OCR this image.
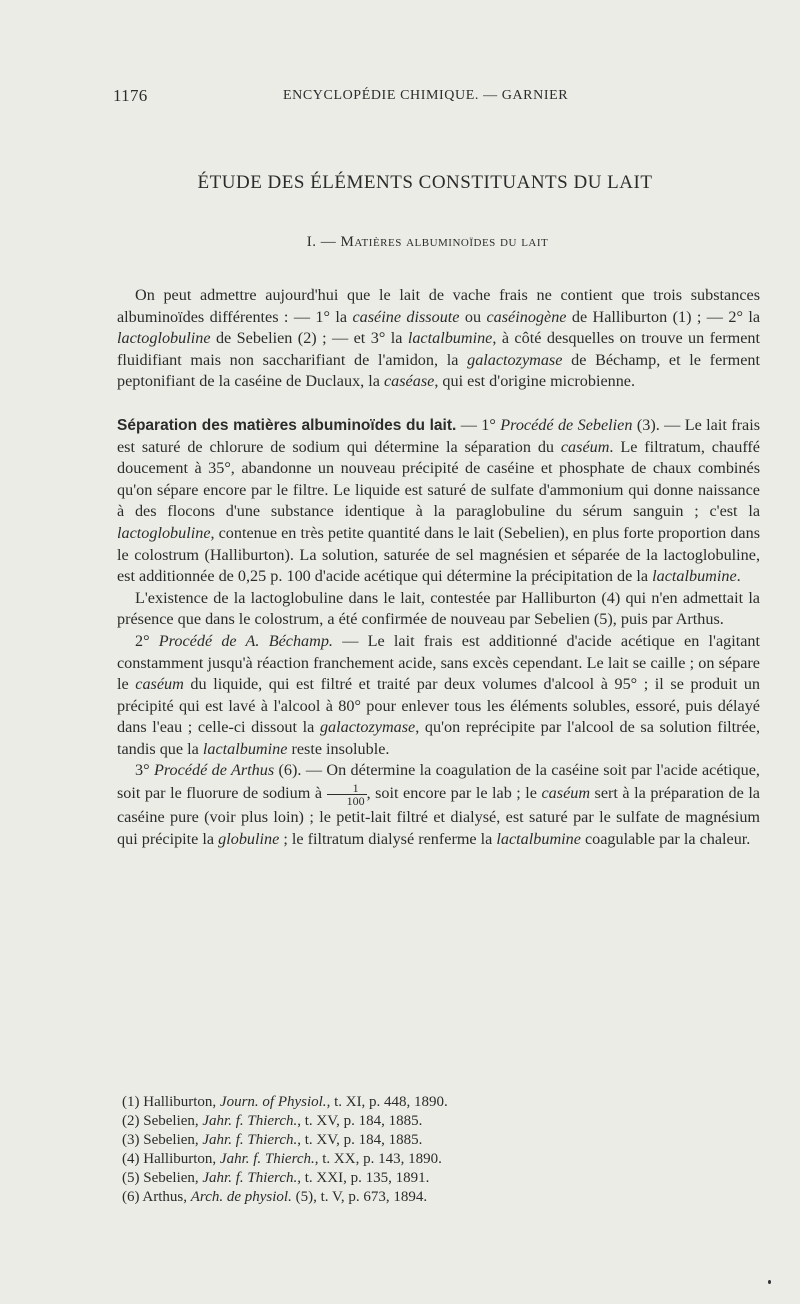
1176	ENCYCLOPÉDIE CHIMIQUE. — GARNIER
ÉTUDE DES ÉLÉMENTS CONSTITUANTS DU LAIT
I. — Matières albuminoïdes du lait

On peut admettre aujourd'hui que le lait de vache frais ne contient que trois substances albuminoïdes différentes : — 1° la caséine dissoute ou caséinogène de Halliburton (1) ; — 2° la lactoglobuline de Sebelien (2) ; — et 3° la lactalbumine, à côté desquelles on trouve un ferment fluidifiant mais non saccharifiant de l'amidon, la galactozymase de Béchamp, et le ferment peptonifiant de la caséine de Duclaux, la caséase, qui est d'origine microbienne.

Séparation des matières albuminoïdes du lait. — 1° Procédé de Sebelien (3). — Le lait frais est saturé de chlorure de sodium qui détermine la séparation du caséum. Le filtratum, chauffé doucement à 35°, abandonne un nouveau précipité de caséine et phosphate de chaux combinés qu'on sépare encore par le filtre. Le liquide est saturé de sulfate d'ammonium qui donne naissance à des flocons d'une substance identique à la paraglobuline du sérum sanguin ; c'est la lactoglobuline, contenue en très petite quantité dans le lait (Sebelien), en plus forte proportion dans le colostrum (Halliburton). La solution, saturée de sel magnésien et séparée de la lactoglobuline, est additionnée de 0,25 p. 100 d'acide acétique qui détermine la précipitation de la lactalbumine.

L'existence de la lactoglobuline dans le lait, contestée par Halliburton (4) qui n'en admettait la présence que dans le colostrum, a été confirmée de nouveau par Sebelien (5), puis par Arthus.

2° Procédé de A. Béchamp. — Le lait frais est additionné d'acide acétique en l'agitant constamment jusqu'à réaction franchement acide, sans excès cependant. Le lait se caille ; on sépare le caséum du liquide, qui est filtré et traité par deux volumes d'alcool à 95° ; il se produit un précipité qui est lavé à l'alcool à 80° pour enlever tous les éléments solubles, essoré, puis délayé dans l'eau ; celle-ci dissout la galactozymase, qu'on reprécipite par l'alcool de sa solution filtrée, tandis que la lactalbumine reste insoluble.

3° Procédé de Arthus (6). — On détermine la coagulation de la caséine soit par l'acide acétique, soit par le fluorure de sodium à $\frac{1}{100}$ , soit encore par le lab ; le caséum sert à la préparation de la caséine pure (voir plus loin) ; le petit-lait filtré et dialysé, est saturé par le sulfate de magnésium qui précipite la globuline ; le filtratum dialysé renferme la lactalbumine coagulable par la chaleur.

(1) Halliburton, Journ. of Physiol., t. XI, p. 448, 1890.
(2) Sebelien, Jahr. f. Thierch., t. XV, p. 184, 1885.
(3) Sebelien, Jahr. f. Thierch., t. XV, p. 184, 1885.
(4) Halliburton, Jahr. f. Thierch., t. XX, p. 143, 1890.
(5) Sebelien, Jahr. f. Thierch., t. XXI, p. 135, 1891.
(6) Arthus, Arch. de physiol. (5), t. V, p. 673, 1894.
